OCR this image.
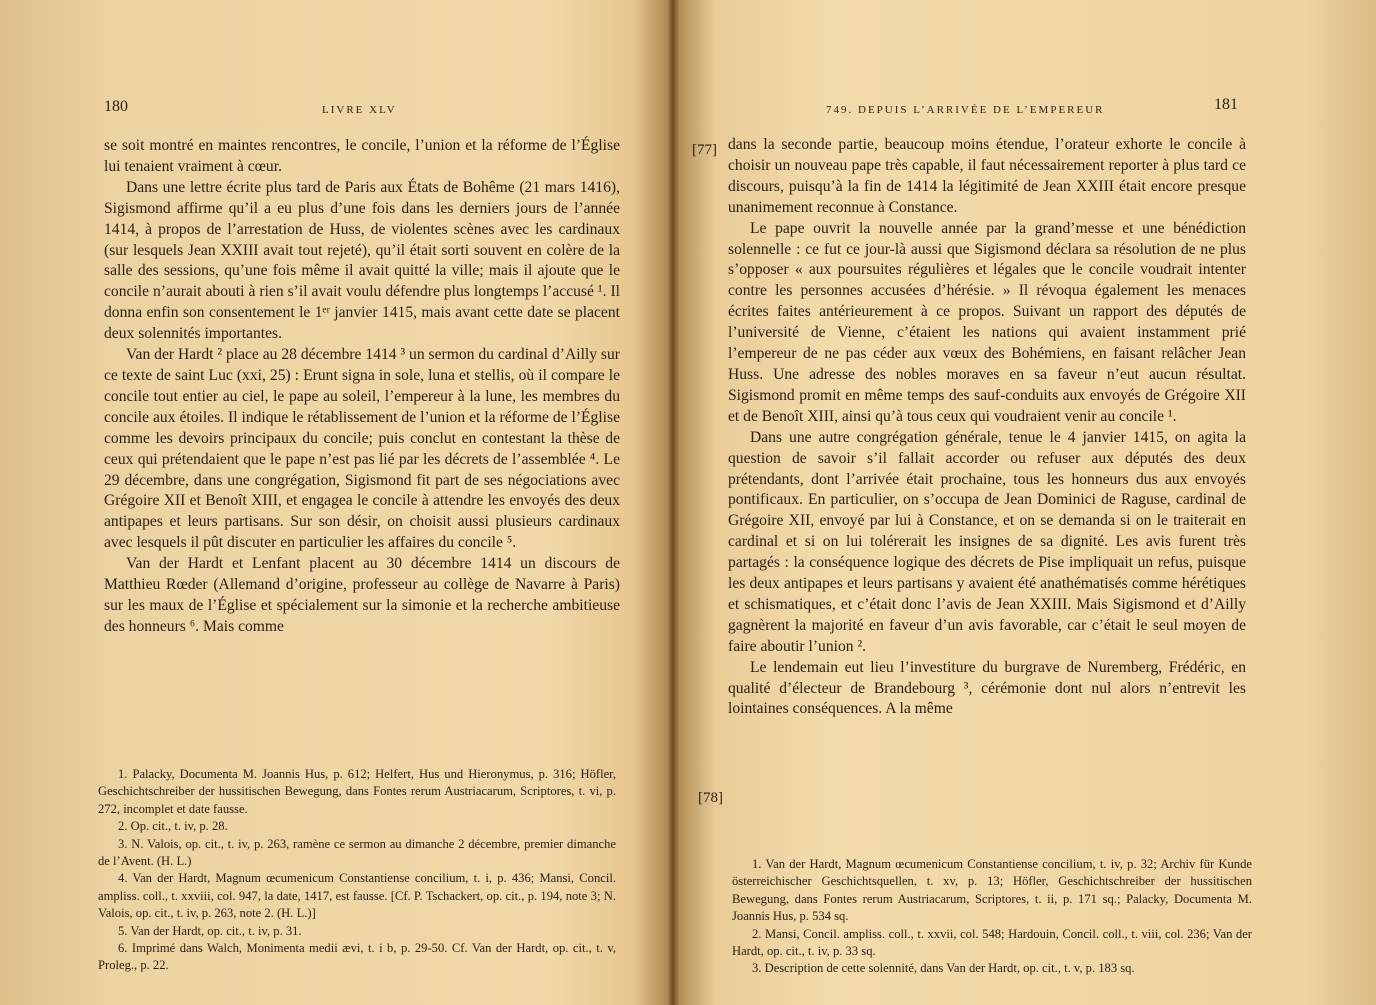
180	LIVRE XLV

se soit montré en maintes rencontres, le concile, l’union et la réforme de l’Église lui tenaient vraiment à cœur.

Dans une lettre écrite plus tard de Paris aux États de Bohême (21 mars 1416), Sigismond affirme qu’il a eu plus d’une fois dans les derniers jours de l’année 1414, à propos de l’arrestation de Huss, de violentes scènes avec les cardinaux (sur lesquels Jean XXIII avait tout rejeté), qu’il était sorti souvent en colère de la salle des sessions, qu’une fois même il avait quitté la ville; mais il ajoute que le concile n’aurait abouti à rien s’il avait voulu défendre plus longtemps l’accusé ¹. Il donna enfin son consentement le 1ᵉʳ janvier 1415, mais avant cette date se placent deux solennités importantes.

Van der Hardt ² place au 28 décembre 1414 ³ un sermon du cardinal d’Ailly sur ce texte de saint Luc (xxi, 25) : Erunt signa in sole, luna et stellis, où il compare le concile tout entier au ciel, le pape au soleil, l’empereur à la lune, les membres du concile aux étoiles. Il indique le rétablissement de l’union et la réforme de l’Église comme les devoirs principaux du concile; puis conclut en contestant la thèse de ceux qui prétendaient que le pape n’est pas lié par les décrets de l’assemblée ⁴. Le 29 décembre, dans une congrégation, Sigismond fit part de ses négociations avec Grégoire XII et Benoît XIII, et engagea le concile à attendre les envoyés des deux antipapes et leurs partisans. Sur son désir, on choisit aussi plusieurs cardinaux avec lesquels il pût discuter en particulier les affaires du concile ⁵.

Van der Hardt et Lenfant placent au 30 décembre 1414 un discours de Matthieu Rœder (Allemand d’origine, professeur au collège de Navarre à Paris) sur les maux de l’Église et spécialement sur la simonie et la recherche ambitieuse des honneurs ⁶. Mais comme

1. Palacky, Documenta M. Joannis Hus, p. 612; Helfert, Hus und Hieronymus, p. 316; Höfler, Geschichtschreiber der hussitischen Bewegung, dans Fontes rerum Austriacarum, Scriptores, t. vi, p. 272, incomplet et date fausse.

2. Op. cit., t. iv, p. 28.

3. N. Valois, op. cit., t. iv, p. 263, ramène ce sermon au dimanche 2 décembre, premier dimanche de l’Avent. (H. L.)

4. Van der Hardt, Magnum œcumenicum Constantiense concilium, t. i, p. 436; Mansi, Concil. ampliss. coll., t. xxviii, col. 947, la date, 1417, est fausse. [Cf. P. Tschackert, op. cit., p. 194, note 3; N. Valois, op. cit., t. iv, p. 263, note 2. (H. L.)]

5. Van der Hardt, op. cit., t. iv, p. 31.

6. Imprimé dans Walch, Monimenta medii ævi, t. i b, p. 29-50. Cf. Van der Hardt, op. cit., t. v, Proleg., p. 22.

749. DEPUIS L’ARRIVÉE DE L’EMPEREUR	181
[77]
[78]

dans la seconde partie, beaucoup moins étendue, l’orateur exhorte le concile à choisir un nouveau pape très capable, il faut nécessairement reporter à plus tard ce discours, puisqu’à la fin de 1414 la légitimité de Jean XXIII était encore presque unanimement reconnue à Constance.

Le pape ouvrit la nouvelle année par la grand’messe et une bénédiction solennelle : ce fut ce jour-là aussi que Sigismond déclara sa résolution de ne plus s’opposer « aux poursuites régulières et légales que le concile voudrait intenter contre les personnes accusées d’hérésie. » Il révoqua également les menaces écrites faites antérieurement à ce propos. Suivant un rapport des députés de l’université de Vienne, c’étaient les nations qui avaient instamment prié l’empereur de ne pas céder aux vœux des Bohémiens, en faisant relâcher Jean Huss. Une adresse des nobles moraves en sa faveur n’eut aucun résultat. Sigismond promit en même temps des sauf-conduits aux envoyés de Grégoire XII et de Benoît XIII, ainsi qu’à tous ceux qui voudraient venir au concile ¹.

Dans une autre congrégation générale, tenue le 4 janvier 1415, on agita la question de savoir s’il fallait accorder ou refuser aux députés des deux prétendants, dont l’arrivée était prochaine, tous les honneurs dus aux envoyés pontificaux. En particulier, on s’occupa de Jean Dominici de Raguse, cardinal de Grégoire XII, envoyé par lui à Constance, et on se demanda si on le traiterait en cardinal et si on lui tolérerait les insignes de sa dignité. Les avis furent très partagés : la conséquence logique des décrets de Pise impliquait un refus, puisque les deux antipapes et leurs partisans y avaient été anathématisés comme hérétiques et schismatiques, et c’était donc l’avis de Jean XXIII. Mais Sigismond et d’Ailly gagnèrent la majorité en faveur d’un avis favorable, car c’était le seul moyen de faire aboutir l’union ².

Le lendemain eut lieu l’investiture du burgrave de Nuremberg, Frédéric, en qualité d’électeur de Brandebourg ³, cérémonie dont nul alors n’entrevit les lointaines conséquences. A la même

1. Van der Hardt, Magnum œcumenicum Constantiense concilium, t. iv, p. 32; Archiv für Kunde österreichischer Geschichtsquellen, t. xv, p. 13; Höfler, Geschichtschreiber der hussitischen Bewegung, dans Fontes rerum Austriacarum, Scriptores, t. ii, p. 171 sq.; Palacky, Documenta M. Joannis Hus, p. 534 sq.

2. Mansi, Concil. ampliss. coll., t. xxvii, col. 548; Hardouin, Concil. coll., t. viii, col. 236; Van der Hardt, op. cit., t. iv, p. 33 sq.

3. Description de cette solennité, dans Van der Hardt, op. cit., t. v, p. 183 sq.
